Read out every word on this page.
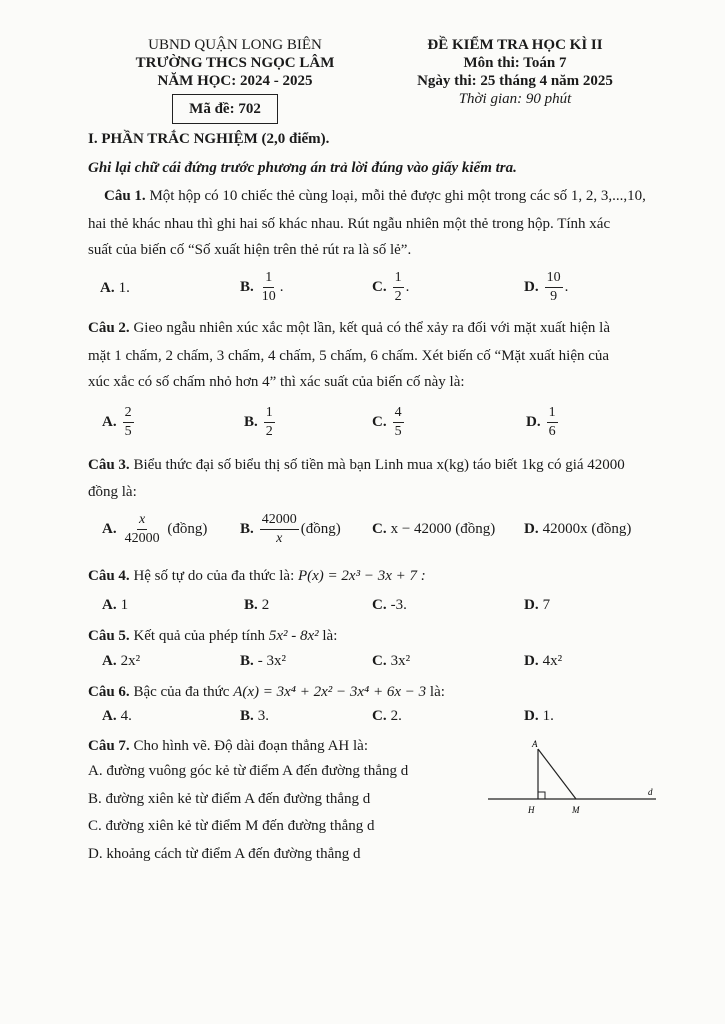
UBND QUẬN LONG BIÊN
TRƯỜNG THCS NGỌC LÂM
NĂM HỌC: 2024 - 2025
Mã đề: 702
ĐỀ KIỂM TRA HỌC KÌ II
Môn thi: Toán 7
Ngày thi: 25 tháng 4 năm 2025
Thời gian: 90 phút
I. PHẦN TRẮC NGHIỆM (2,0 điểm).
Ghi lại chữ cái đứng trước phương án trả lời đúng vào giấy kiểm tra.
Câu 1. Một hộp có 10 chiếc thẻ cùng loại, mỗi thẻ được ghi một trong các số 1, 2, 3,...,10,
hai thẻ khác nhau thì ghi hai số khác nhau. Rút ngẫu nhiên một thẻ trong hộp. Tính xác
suất của biến cố “Số xuất hiện trên thẻ rút ra là số lẻ”.
A. 1.	B. $\frac{1}{10}$ .	C. $\frac{1}{2}$ .	D. $\frac{10}{9}$ .
Câu 2. Gieo ngẫu nhiên xúc xắc một lần, kết quả có thể xảy ra đối với mặt xuất hiện là
mặt 1 chấm, 2 chấm, 3 chấm, 4 chấm, 5 chấm, 6 chấm. Xét biến cố “Mặt xuất hiện của
xúc xắc có số chấm nhỏ hơn 4” thì xác suất của biến cố này là:
A. $\frac{2}{5}$	B. $\frac{1}{2}$	C. $\frac{4}{5}$	D. $\frac{1}{6}$
Câu 3. Biểu thức đại số biểu thị số tiền mà bạn Linh mua x(kg) táo biết 1kg có giá 42000
đồng là:
A. $\frac{x}{42000}$ (đồng) B. $\frac{42000}{x}$ (đồng) C. x − 42000 (đồng) D. 42000x (đồng)
Câu 4. Hệ số tự do của đa thức là: P(x) = 2x³ − 3x + 7 :
A. 1	B. 2	C. -3.	D. 7
Câu 5. Kết quả của phép tính 5x² - 8x² là:
A. 2x²	B. - 3x²	C. 3x²	D. 4x²
Câu 6. Bậc của đa thức A(x) = 3x⁴ + 2x² − 3x⁴ + 6x − 3 là:
A. 4.	B. 3.	C. 2.	D. 1.
Câu 7. Cho hình vẽ. Độ dài đoạn thẳng AH là:
A. đường vuông góc kẻ từ điểm A đến đường thẳng d
B. đường xiên kẻ từ điểm A đến đường thẳng d
C. đường xiên kẻ từ điểm M đến đường thẳng d
D. khoảng cách từ điểm A đến đường thẳng d
A
H	M
d
